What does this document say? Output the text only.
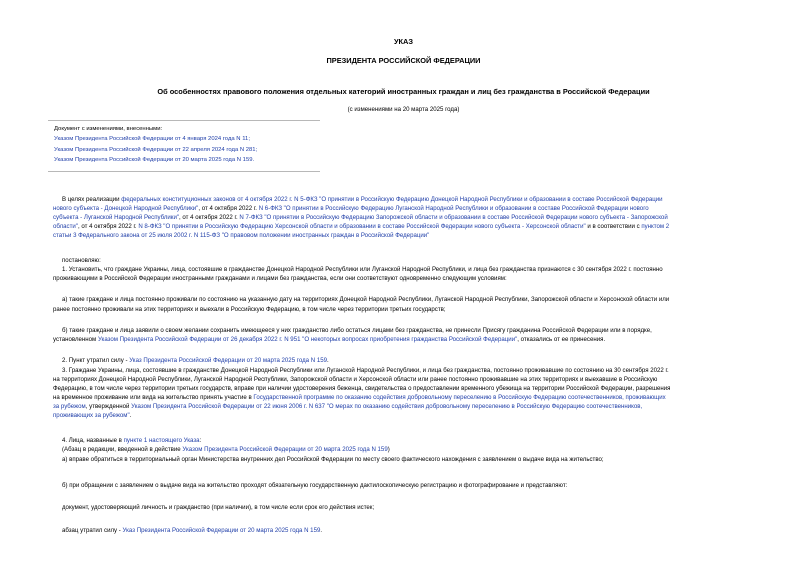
УКАЗ
ПРЕЗИДЕНТА РОССИЙСКОЙ ФЕДЕРАЦИИ
Об особенностях правового положения отдельных категорий иностранных граждан и лиц без гражданства в Российской Федерации
(с изменениями на 20 марта 2025 года)
Документ с изменениями, внесенными:
Указом Президента Российской Федерации от 4 января 2024 года N 11;
Указом Президента Российской Федерации от 22 апреля 2024 года N 281;
Указом Президента Российской Федерации от 20 марта 2025 года N 159.
В целях реализации федеральных конституционных законов от 4 октября 2022 г. N 5-ФКЗ "О принятии в Российскую Федерацию Донецкой Народной Республики и образовании в составе Российской Федерации
нового субъекта - Донецкой Народной Республики", от 4 октября 2022 г. N 6-ФКЗ "О принятии в Российскую Федерацию Луганской Народной Республики и образовании в составе Российской Федерации нового
субъекта - Луганской Народной Республики", от 4 октября 2022 г. N 7-ФКЗ "О принятии в Российскую Федерацию Запорожской области и образовании в составе Российской Федерации нового субъекта - Запорожской
области", от 4 октября 2022 г. N 8-ФКЗ "О принятии в Российскую Федерацию Херсонской области и образовании в составе Российской Федерации нового субъекта - Херсонской области" и в соответствии с пунктом 2
статьи 3 Федерального закона от 25 июля 2002 г. N 115-ФЗ "О правовом положении иностранных граждан в Российской Федерации"
постановляю:
1. Установить, что граждане Украины, лица, состоявшие в гражданстве Донецкой Народной Республики или Луганской Народной Республики, и лица без гражданства признаются с 30 сентября 2022 г. постоянно
проживающими в Российской Федерации иностранными гражданами и лицами без гражданства, если они соответствуют одновременно следующим условиям:
а) такие граждане и лица постоянно проживали по состоянию на указанную дату на территориях Донецкой Народной Республики, Луганской Народной Республики, Запорожской области и Херсонской области или
ранее постоянно проживали на этих территориях и выехали в Российскую Федерацию, в том числе через территории третьих государств;
б) такие граждане и лица заявили о своем желании сохранить имеющееся у них гражданство либо остаться лицами без гражданства, не принесли Присягу гражданина Российской Федерации или в порядке,
установленном Указом Президента Российской Федерации от 26 декабря 2022 г. N 951 "О некоторых вопросах приобретения гражданства Российской Федерации", отказались от ее принесения.
2. Пункт утратил силу - Указ Президента Российской Федерации от 20 марта 2025 года N 159.
3. Граждане Украины, лица, состоявшие в гражданстве Донецкой Народной Республики или Луганской Народной Республики, и лица без гражданства, постоянно проживавшие по состоянию на 30 сентября 2022 г.
на территориях Донецкой Народной Республики, Луганской Народной Республики, Запорожской области и Херсонской области или ранее постоянно проживавшие на этих территориях и выехавшие в Российскую
Федерацию, в том числе через территории третьих государств, вправе при наличии удостоверения беженца, свидетельства о предоставлении временного убежища на территории Российской Федерации, разрешения
на временное проживание или вида на жительство принять участие в Государственной программе по оказанию содействия добровольному переселению в Российскую Федерацию соотечественников, проживающих
за рубежом, утвержденной Указом Президента Российской Федерации от 22 июня 2006 г. N 637 "О мерах по оказанию содействия добровольному переселению в Российскую Федерацию соотечественников,
проживающих за рубежом".
4. Лица, названные в пункте 1 настоящего Указа:
(Абзац в редакции, введенной в действие Указом Президента Российской Федерации от 20 марта 2025 года N 159)
а) вправе обратиться в территориальный орган Министерства внутренних дел Российской Федерации по месту своего фактического нахождения с заявлением о выдаче вида на жительство;
б) при обращении с заявлением о выдаче вида на жительство проходят обязательную государственную дактилоскопическую регистрацию и фотографирование и представляют:
документ, удостоверяющий личность и гражданство (при наличии), в том числе если срок его действия истек;
абзац утратил силу - Указ Президента Российской Федерации от 20 марта 2025 года N 159.
